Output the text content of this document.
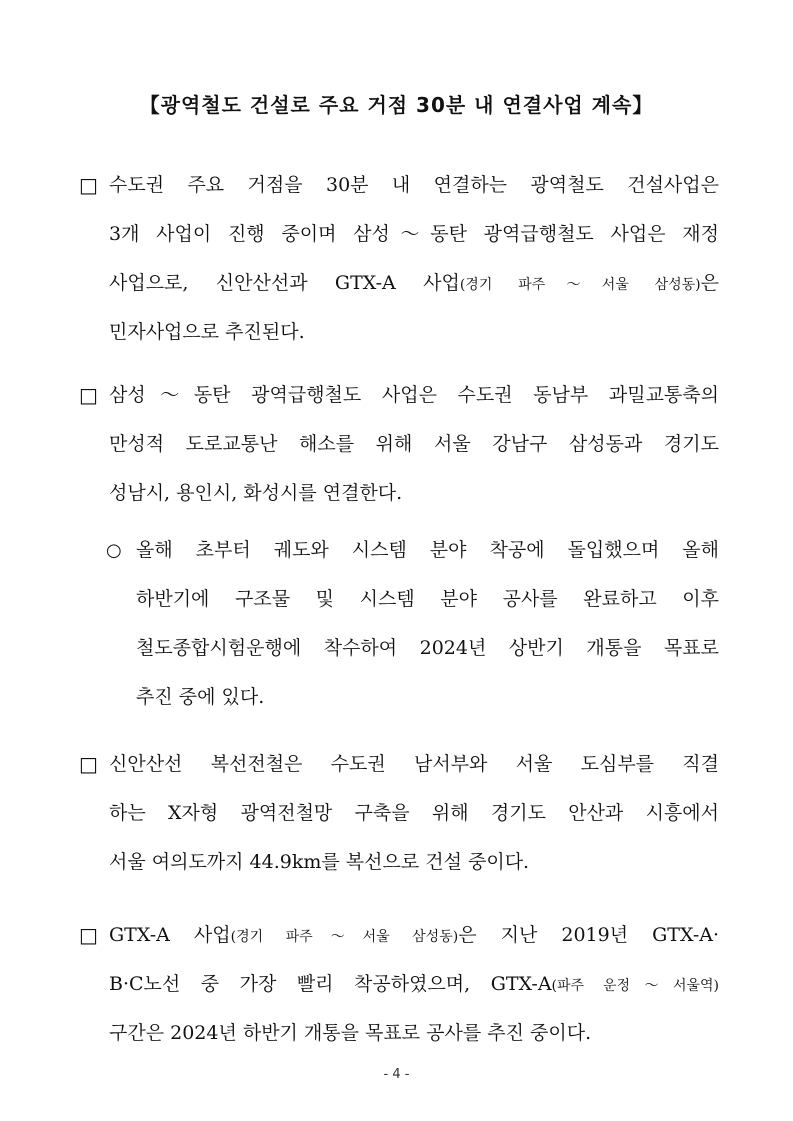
【광역철도 건설로 주요 거점 30분 내 연결사업 계속】
□ 수도권 주요 거점을 30분 내 연결하는 광역철도 건설사업은
3개 사업이 진행 중이며 삼성～동탄 광역급행철도 사업은 재정
사업으로, 신안산선과 GTX-A 사업(경기 파주～서울 삼성동)은
민자사업으로 추진된다.
□ 삼성～동탄 광역급행철도 사업은 수도권 동남부 과밀교통축의
만성적 도로교통난 해소를 위해 서울 강남구 삼성동과 경기도
성남시, 용인시, 화성시를 연결한다.
○ 올해 초부터 궤도와 시스템 분야 착공에 돌입했으며 올해
하반기에 구조물 및 시스템 분야 공사를 완료하고 이후
철도종합시험운행에 착수하여 2024년 상반기 개통을 목표로
추진 중에 있다.
□ 신안산선 복선전철은 수도권 남서부와 서울 도심부를 직결
하는 X자형 광역전철망 구축을 위해 경기도 안산과 시흥에서
서울 여의도까지 44.9km를 복선으로 건설 중이다.
□ GTX-A 사업(경기 파주～서울 삼성동)은 지난 2019년 GTX-A·
B·C노선 중 가장 빨리 착공하였으며, GTX-A(파주 운정～서울역)
구간은 2024년 하반기 개통을 목표로 공사를 추진 중이다.
- 4 -
